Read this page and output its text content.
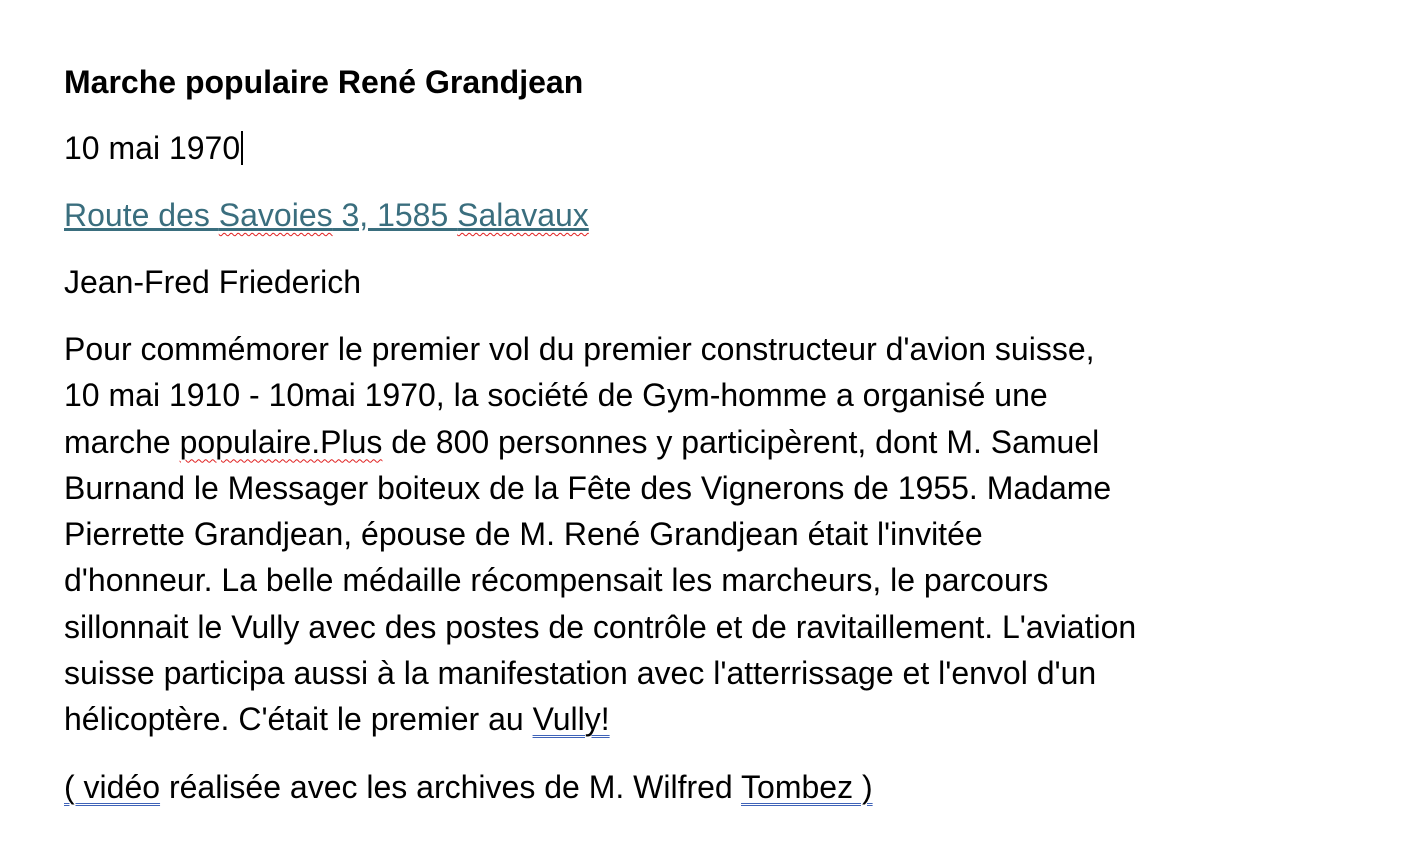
Marche populaire René Grandjean
10 mai 1970
Route des Savoies 3, 1585 Salavaux
Jean-Fred Friederich
Pour commémorer le premier vol du premier constructeur d'avion suisse,
10 mai 1910 - 10mai 1970, la société de Gym-homme a organisé une
marche populaire.Plus de 800 personnes y participèrent, dont M. Samuel
Burnand le Messager boiteux de la Fête des Vignerons de 1955. Madame
Pierrette Grandjean, épouse de M. René Grandjean était l'invitée
d'honneur. La belle médaille récompensait les marcheurs, le parcours
sillonnait le Vully avec des postes de contrôle et de ravitaillement. L'aviation
suisse participa aussi à la manifestation avec l'atterrissage et l'envol d'un
hélicoptère. C'était le premier au Vully!
( vidéo réalisée avec les archives de M. Wilfred Tombez )
